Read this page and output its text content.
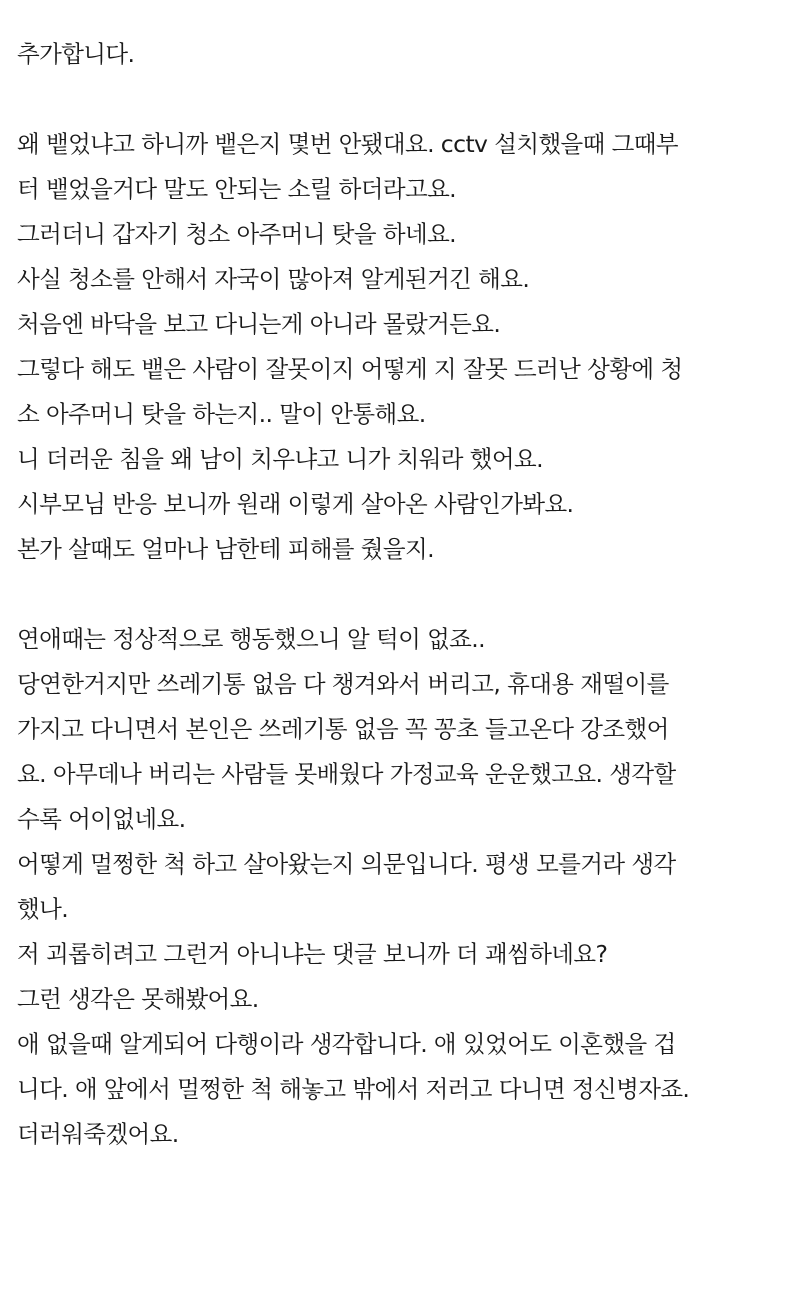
추가합니다.
왜 뱉었냐고 하니까 뱉은지 몇번 안됐대요. cctv 설치했을때 그때부
터 뱉었을거다 말도 안되는 소릴 하더라고요.
그러더니 갑자기 청소 아주머니 탓을 하네요.
사실 청소를 안해서 자국이 많아져 알게된거긴 해요.
처음엔 바닥을 보고 다니는게 아니라 몰랐거든요.
그렇다 해도 뱉은 사람이 잘못이지 어떻게 지 잘못 드러난 상황에 청
소 아주머니 탓을 하는지.. 말이 안통해요.
니 더러운 침을 왜 남이 치우냐고 니가 치워라 했어요.
시부모님 반응 보니까 원래 이렇게 살아온 사람인가봐요.
본가 살때도 얼마나 남한테 피해를 줬을지.
연애때는 정상적으로 행동했으니 알 턱이 없죠..
당연한거지만 쓰레기통 없음 다 챙겨와서 버리고, 휴대용 재떨이를
가지고 다니면서 본인은 쓰레기통 없음 꼭 꽁초 들고온다 강조했어
요. 아무데나 버리는 사람들 못배웠다 가정교육 운운했고요. 생각할
수록 어이없네요.
어떻게 멀쩡한 척 하고 살아왔는지 의문입니다. 평생 모를거라 생각
했나.
저 괴롭히려고 그런거 아니냐는 댓글 보니까 더 괘씸하네요?
그런 생각은 못해봤어요.
애 없을때 알게되어 다행이라 생각합니다. 애 있었어도 이혼했을 겁
니다. 애 앞에서 멀쩡한 척 해놓고 밖에서 저러고 다니면 정신병자죠.
더러워죽겠어요.
